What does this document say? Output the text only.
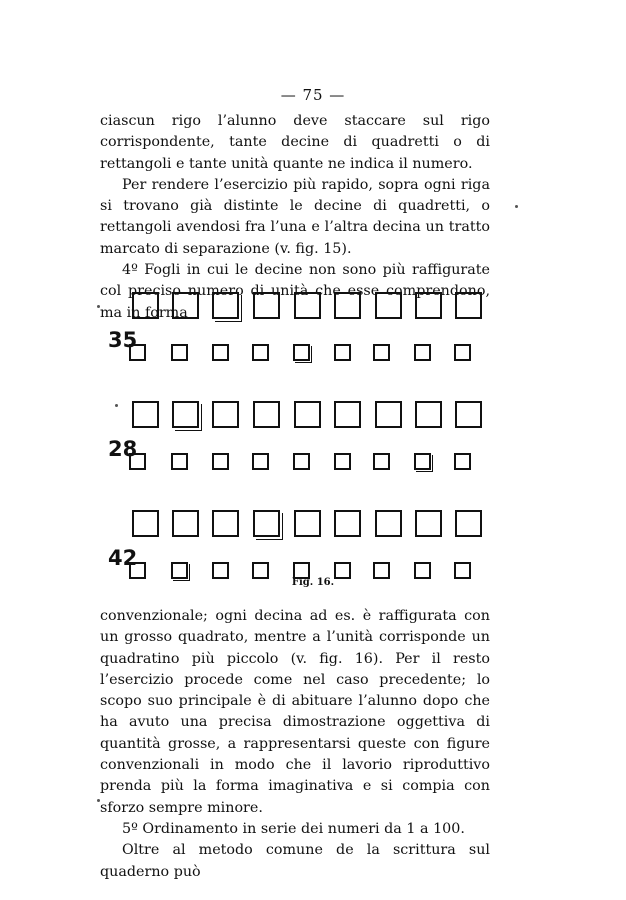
— 75 —

ciascun rigo l’alunno deve staccare sul rigo corrispondente, tante decine di quadretti o di rettangoli e tante unità quante ne indica il numero.

Per rendere l’esercizio più rapido, sopra ogni riga si trovano già distinte le decine di quadretti, o rettangoli avendosi fra l’una e l’altra decina un tratto marcato di separazione (v. fig. 15).

4º Fogli in cui le decine non sono più raffigurate col preciso numero di unità che esse comprendono, ma in forma

35
28
42
Fig. 16.

convenzionale; ogni decina ad es. è raffigurata con un grosso quadrato, mentre a l’unità corrisponde un quadratino più piccolo (v. fig. 16). Per il resto l’esercizio procede come nel caso precedente; lo scopo suo principale è di abituare l’alunno dopo che ha avuto una precisa dimostrazione oggettiva di quantità grosse, a rappresentarsi queste con figure convenzionali in modo che il lavorio riproduttivo prenda più la forma imaginativa e si compia con sforzo sempre minore.

5º Ordinamento in serie dei numeri da 1 a 100.

Oltre al metodo comune de la scrittura sul quaderno può
